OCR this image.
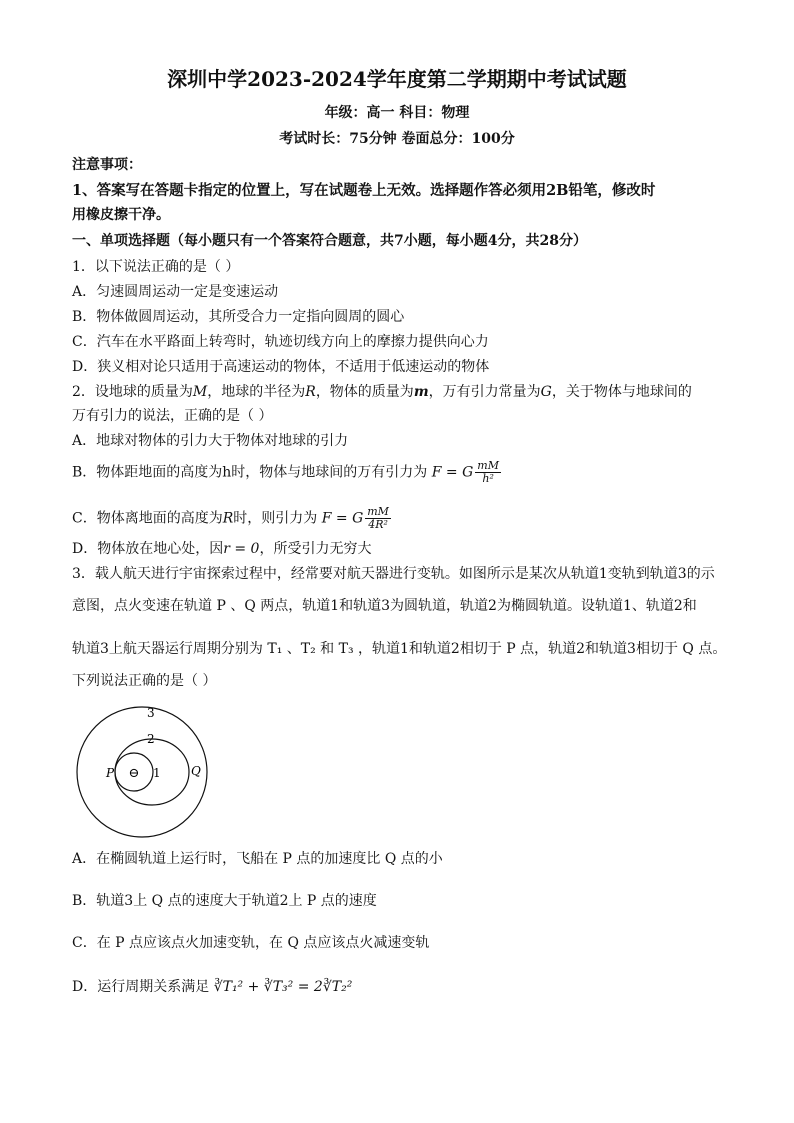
深圳中学2023-2024学年度第二学期期中考试试题
年级：高一 科目：物理
考试时长：75分钟 卷面总分：100分
注意事项：
1、答案写在答题卡指定的位置上，写在试题卷上无效。选择题作答必须用2B铅笔，修改时
用橡皮擦干净。
一、单项选择题（每小题只有一个答案符合题意，共7小题，每小题4分，共28分）
1．以下说法正确的是（ ）
A．匀速圆周运动一定是变速运动
B．物体做圆周运动，其所受合力一定指向圆周的圆心
C．汽车在水平路面上转弯时，轨迹切线方向上的摩擦力提供向心力
D．狭义相对论只适用于高速运动的物体，不适用于低速运动的物体
2．设地球的质量为M，地球的半径为R，物体的质量为m，万有引力常量为G，关于物体与地球间的
万有引力的说法，正确的是（ ）
A．地球对物体的引力大于物体对地球的引力
B．物体距地面的高度为h时，物体与地球间的万有引力为 F = G $\frac{mM}{\text{h²}}$
C．物体离地面的高度为R时，则引力为 F = G $\frac{mM}{\text{4R²}}$
D．物体放在地心处，因r = 0，所受引力无穷大
3．载人航天进行宇宙探索过程中，经常要对航天器进行变轨。如图所示是某次从轨道1变轨到轨道3的示
意图，点火变速在轨道 P 、Q 两点，轨道1和轨道3为圆轨道，轨道2为椭圆轨道。设轨道1、轨道2和
轨道3上航天器运行周期分别为 T₁ 、T₂ 和 T₃ ，轨道1和轨道2相切于 P 点，轨道2和轨道3相切于 Q 点。
下列说法正确的是（ ）
⊖
3
2
1
P	Q
A．在椭圆轨道上运行时，飞船在 P 点的加速度比 Q 点的小
B．轨道3上 Q 点的速度大于轨道2上 P 点的速度
C．在 P 点应该点火加速变轨，在 Q 点应该点火减速变轨
D．运行周期关系满足 ∛T₁² + ∛T₃² = 2∛T₂²
